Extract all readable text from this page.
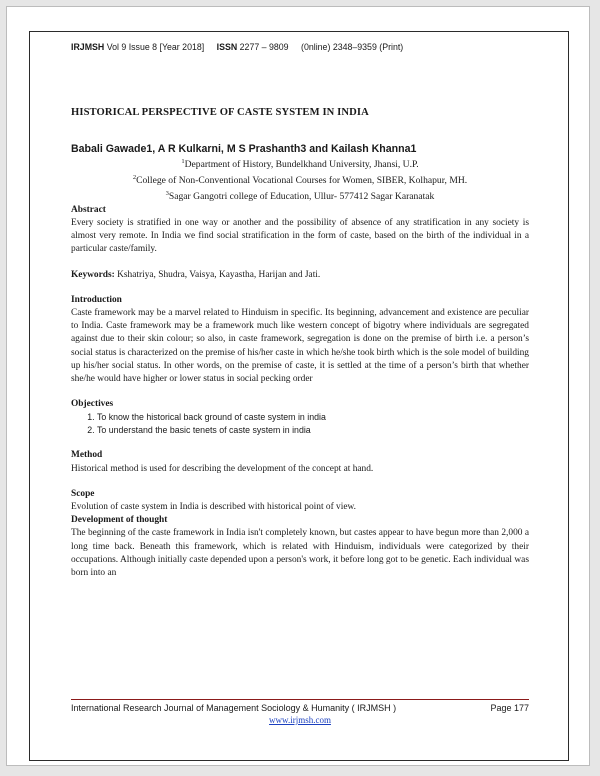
IRJMSH Vol 9 Issue 8 [Year 2018] ISSN 2277 – 9809 (0nline) 2348–9359 (Print)
HISTORICAL PERSPECTIVE OF CASTE SYSTEM IN INDIA
Babali Gawade1, A R Kulkarni, M S Prashanth3 and Kailash Khanna1
$^1$Department of History, Bundelkhand University, Jhansi, U.P.
$^2$College of Non-Conventional Vocational Courses for Women, SIBER, Kolhapur, MH.
$^3$Sagar Gangotri college of Education, Ullur- 577412 Sagar Karanatak
Abstract

Every society is stratified in one way or another and the possibility of absence of any stratification in any society is almost very remote. In India we find social stratification in the form of caste, based on the birth of the individual in a particular caste/family.

Keywords: Kshatriya, Shudra, Vaisya, Kayastha, Harijan and Jati.

Introduction

Caste framework may be a marvel related to Hinduism in specific. Its beginning, advancement and existence are peculiar to India. Caste framework may be a framework much like western concept of bigotry where individuals are segregated against due to their skin colour; so also, in caste framework, segregation is done on the premise of birth i.e. a person’s social status is characterized on the premise of his/her caste in which he/she took birth which is the sole model of building up his/her social status. In other words, on the premise of caste, it is settled at the time of a person’s birth that whether she/he would have higher or lower status in social pecking order

Objectives
1. To know the historical back ground of caste system in india
2. To understand the basic tenets of caste system in india
Method

Historical method is used for describing the development of the concept at hand.

Scope

Evolution of caste system in India is described with historical point of view.

Development of thought

The beginning of the caste framework in India isn't completely known, but castes appear to have begun more than 2,000 a long time back. Beneath this framework, which is related with Hinduism, individuals were categorized by their occupations. Although initially caste depended upon a person's work, it before long got to be genetic. Each individual was born into an

International Research Journal of Management Sociology & Humanity ( IRJMSH )	Page 177
www.irjmsh.com
